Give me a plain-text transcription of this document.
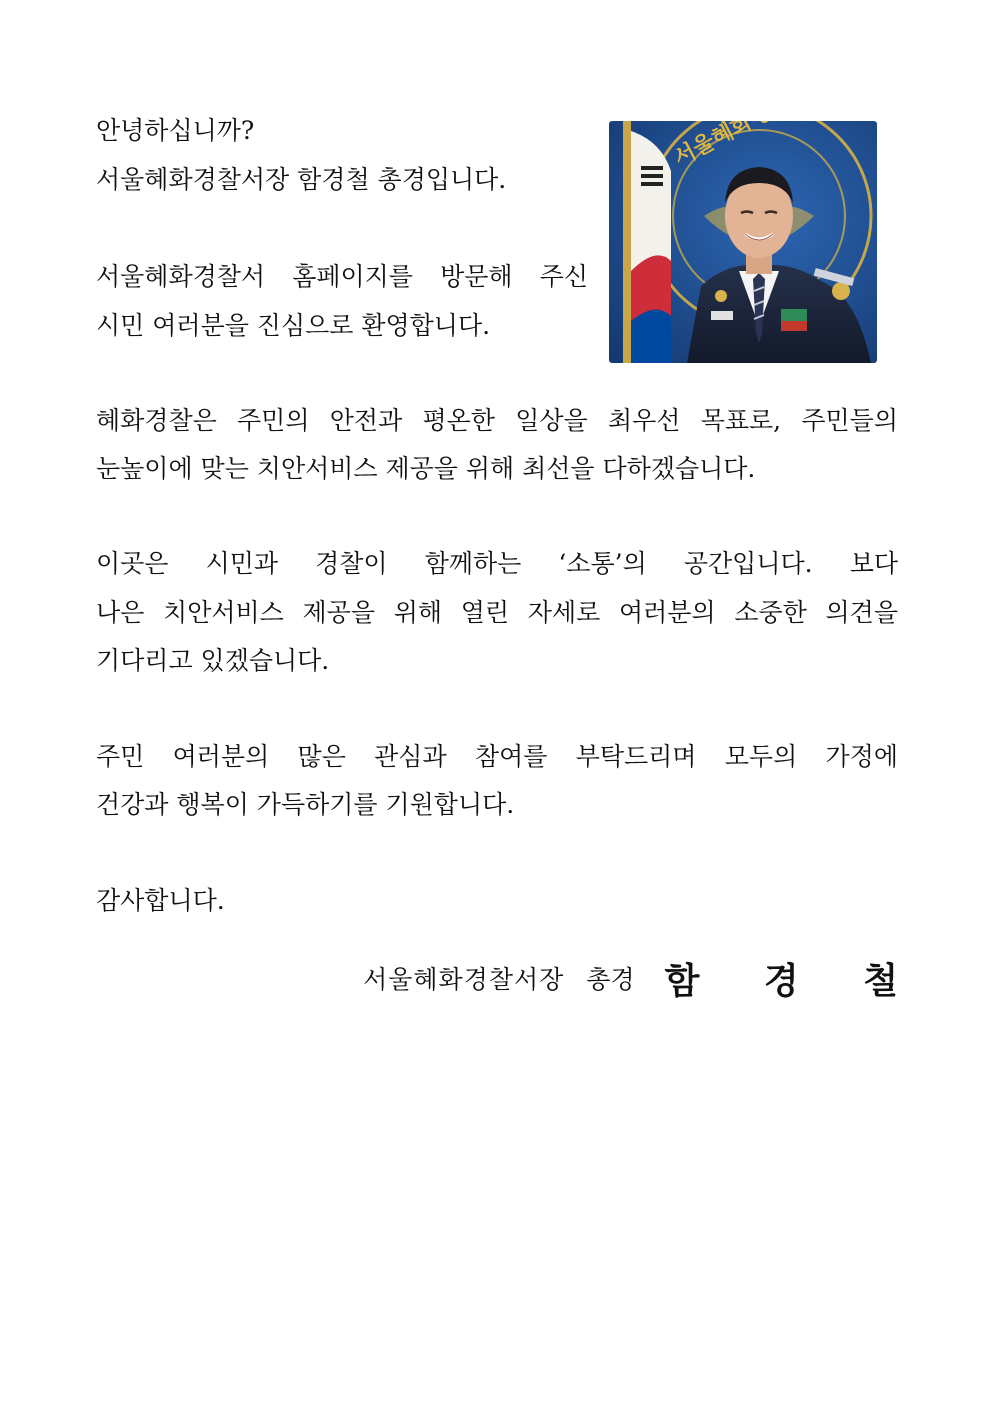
안녕하십니까?
서울혜화경찰서장 함경철 총경입니다.
서울혜화경찰서 홈페이지를 방문해 주신
시민 여러분을 진심으로 환영합니다.
혜화경찰은 주민의 안전과 평온한 일상을 최우선 목표로, 주민들의
눈높이에 맞는 치안서비스 제공을 위해 최선을 다하겠습니다.
이곳은 시민과 경찰이 함께하는 ‘소통’의 공간입니다. 보다
나은 치안서비스 제공을 위해 열린 자세로 여러분의 소중한 의견을
기다리고 있겠습니다.
주민 여러분의 많은 관심과 참여를 부탁드리며 모두의 가정에
건강과 행복이 가득하기를 기원합니다.
감사합니다.
서울혜화경찰서장 총경 함 경 철
